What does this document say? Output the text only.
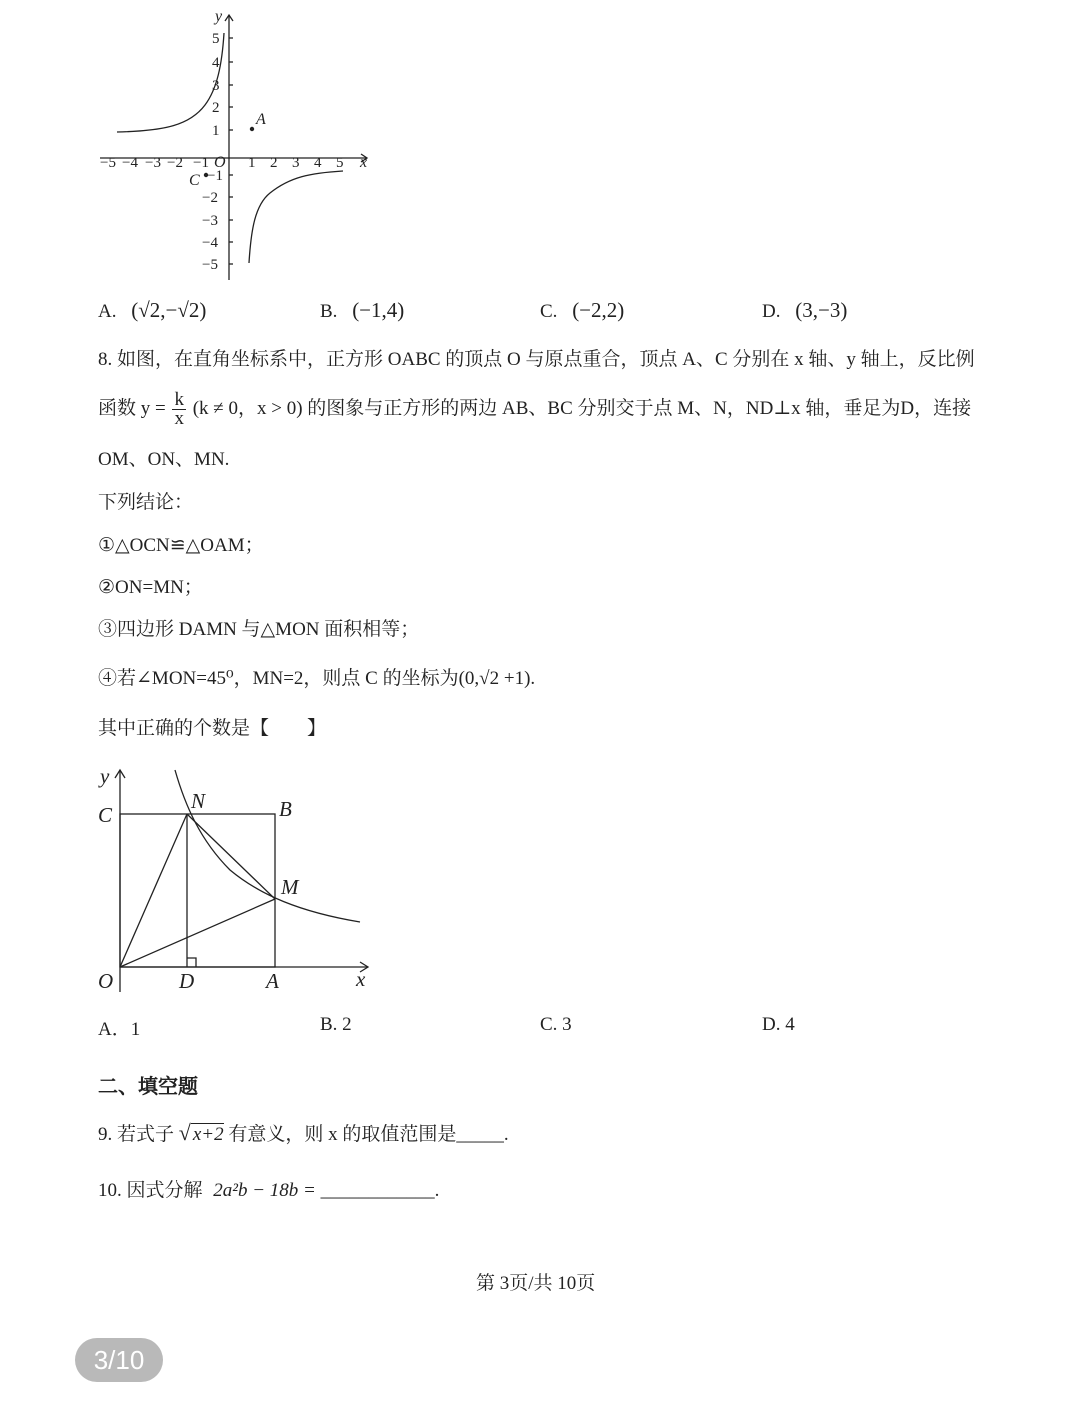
y
x
O
A
C
−5 −4 −3 −2 −1	1 2 3 4 5
5
4
3
2
1
−1
−2
−3
−4
−5
A. (√2,−√2)	B. (−1,4)	C. (−2,2)	D. (3,−3)
8. 如图，在直角坐标系中，正方形 OABC 的顶点 O 与原点重合，顶点 A、C 分别在 x 轴、y 轴上，反比例
函数 $y = \frac{k}{x} (k \ne 0$，x > 0) 的图象与正方形的两边 AB、BC 分别交于点 M、N，ND⊥x 轴，垂足为D，连接
OM、ON、MN.
下列结论：
①△OCN≌△OAM；
②ON=MN；
③四边形 DAMN 与△MON 面积相等；
④若∠MON=45⁰，MN=2，则点 C 的坐标为(0,√2 +1).
其中正确的个数是【　　】
y
x
O
C
N	B
M
D	A
A．1	B. 2	C. 3	D. 4
二、填空题
9. 若式子 √ x+2 有意义，则 x 的取值范围是_____.
10. 因式分解 2a²b − 18b = ____________.
第 3页/共 10页
3/10
